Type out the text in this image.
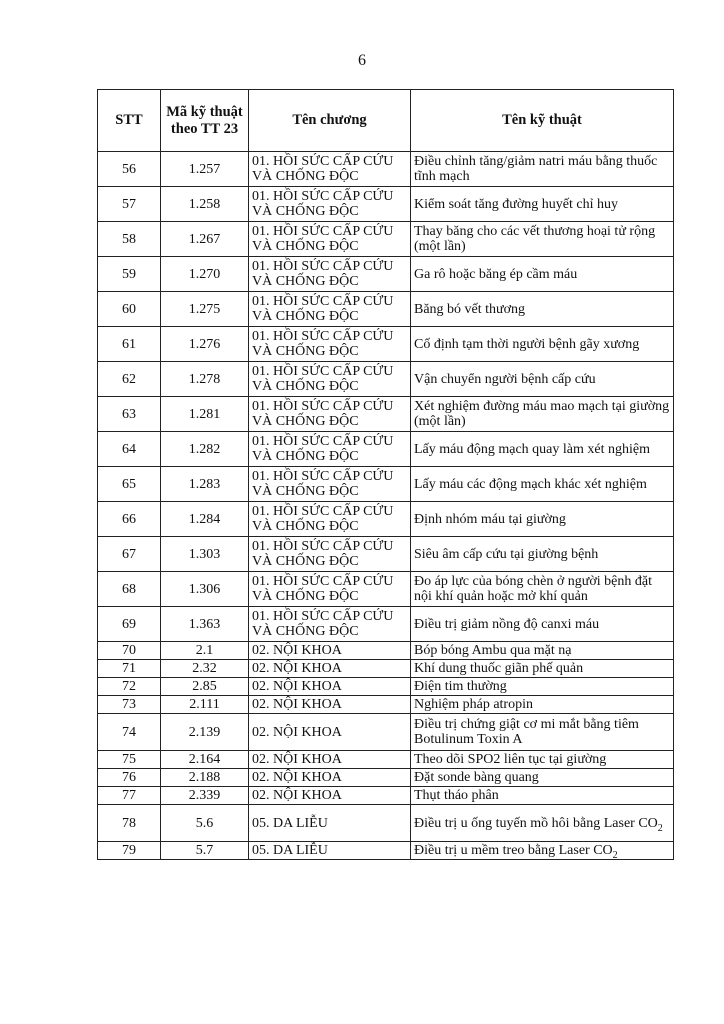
6
STT	Mã kỹ thuật theo TT 23	Tên chương	Tên kỹ thuật
56	1.257	01. HỒI SỨC CẤP CỨU VÀ CHỐNG ĐỘC	Điều chỉnh tăng/giảm natri máu bằng thuốc tĩnh mạch
57	1.258	01. HỒI SỨC CẤP CỨU VÀ CHỐNG ĐỘC	Kiểm soát tăng đường huyết chỉ huy
58	1.267	01. HỒI SỨC CẤP CỨU VÀ CHỐNG ĐỘC	Thay băng cho các vết thương hoại tử rộng (một lần)
59	1.270	01. HỒI SỨC CẤP CỨU VÀ CHỐNG ĐỘC	Ga rô hoặc băng ép cầm máu
60	1.275	01. HỒI SỨC CẤP CỨU VÀ CHỐNG ĐỘC	Băng bó vết thương
61	1.276	01. HỒI SỨC CẤP CỨU VÀ CHỐNG ĐỘC	Cố định tạm thời người bệnh gãy xương
62	1.278	01. HỒI SỨC CẤP CỨU VÀ CHỐNG ĐỘC	Vận chuyển người bệnh cấp cứu
63	1.281	01. HỒI SỨC CẤP CỨU VÀ CHỐNG ĐỘC	Xét nghiệm đường máu mao mạch tại giường (một lần)
64	1.282	01. HỒI SỨC CẤP CỨU VÀ CHỐNG ĐỘC	Lấy máu động mạch quay làm xét nghiệm
65	1.283	01. HỒI SỨC CẤP CỨU VÀ CHỐNG ĐỘC	Lấy máu các động mạch khác xét nghiệm
66	1.284	01. HỒI SỨC CẤP CỨU VÀ CHỐNG ĐỘC	Định nhóm máu tại giường
67	1.303	01. HỒI SỨC CẤP CỨU VÀ CHỐNG ĐỘC	Siêu âm cấp cứu tại giường bệnh
68	1.306	01. HỒI SỨC CẤP CỨU VÀ CHỐNG ĐỘC	Đo áp lực của bóng chèn ở người bệnh đặt nội khí quản hoặc mở khí quản
69	1.363	01. HỒI SỨC CẤP CỨU VÀ CHỐNG ĐỘC	Điều trị giảm nồng độ canxi máu
70	2.1	02. NỘI KHOA	Bóp bóng Ambu qua mặt nạ
71	2.32	02. NỘI KHOA	Khí dung thuốc giãn phế quản
72	2.85	02. NỘI KHOA	Điện tim thường
73	2.111	02. NỘI KHOA	Nghiệm pháp atropin
74	2.139	02. NỘI KHOA	Điều trị chứng giật cơ mi mắt bằng tiêm Botulinum Toxin A
75	2.164	02. NỘI KHOA	Theo dõi SPO2 liên tục tại giường
76	2.188	02. NỘI KHOA	Đặt sonde bàng quang
77	2.339	02. NỘI KHOA	Thụt tháo phân
78	5.6	05. DA LIỄU	Điều trị u ống tuyến mồ hôi bằng Laser $CO_2$
79	5.7	05. DA LIỄU	Điều trị u mềm treo bằng Laser $CO_2$
